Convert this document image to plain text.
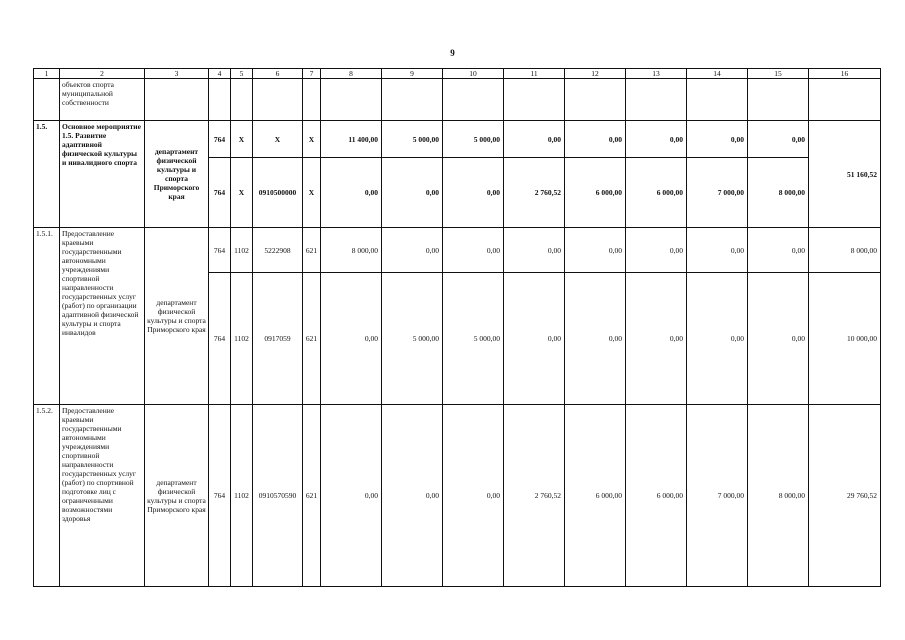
9
1	2	3	4	5	6	7	8	9	10	11	12	13	14	15	16
	объектов спорта муниципальной собственности														
1.5.	Основное мероприятие 1.5. Развитие адаптивной физической культуры и инвалидного спорта	департамент физической культуры и спорта Приморского края	764	X	X	X	11 400,00	5 000,00	5 000,00	0,00	0,00	0,00	0,00	0,00	51 160,52
			764	X	0910500000	X	0,00	0,00	0,00	2 760,52	6 000,00	6 000,00	7 000,00	8 000,00	
1.5.1.	Предоставление краевыми государственными автономными учреждениями спортивной направленности государственных услуг (работ) по организации адаптивной физической культуры и спорта инвалидов	департамент физической культуры и спорта Приморского края	764	1102	5222908	621	8 000,00	0,00	0,00	0,00	0,00	0,00	0,00	0,00	8 000,00
			764	1102	0917059	621	0,00	5 000,00	5 000,00	0,00	0,00	0,00	0,00	0,00	10 000,00
1.5.2.	Предоставление краевыми государственными автономными учреждениями спортивной направленности государственных услуг (работ) по спортивной подготовке лиц с ограниченными возможностями здоровья	департамент физической культуры и спорта Приморского края	764	1102	0910570590	621	0,00	0,00	0,00	2 760,52	6 000,00	6 000,00	7 000,00	8 000,00	29 760,52
